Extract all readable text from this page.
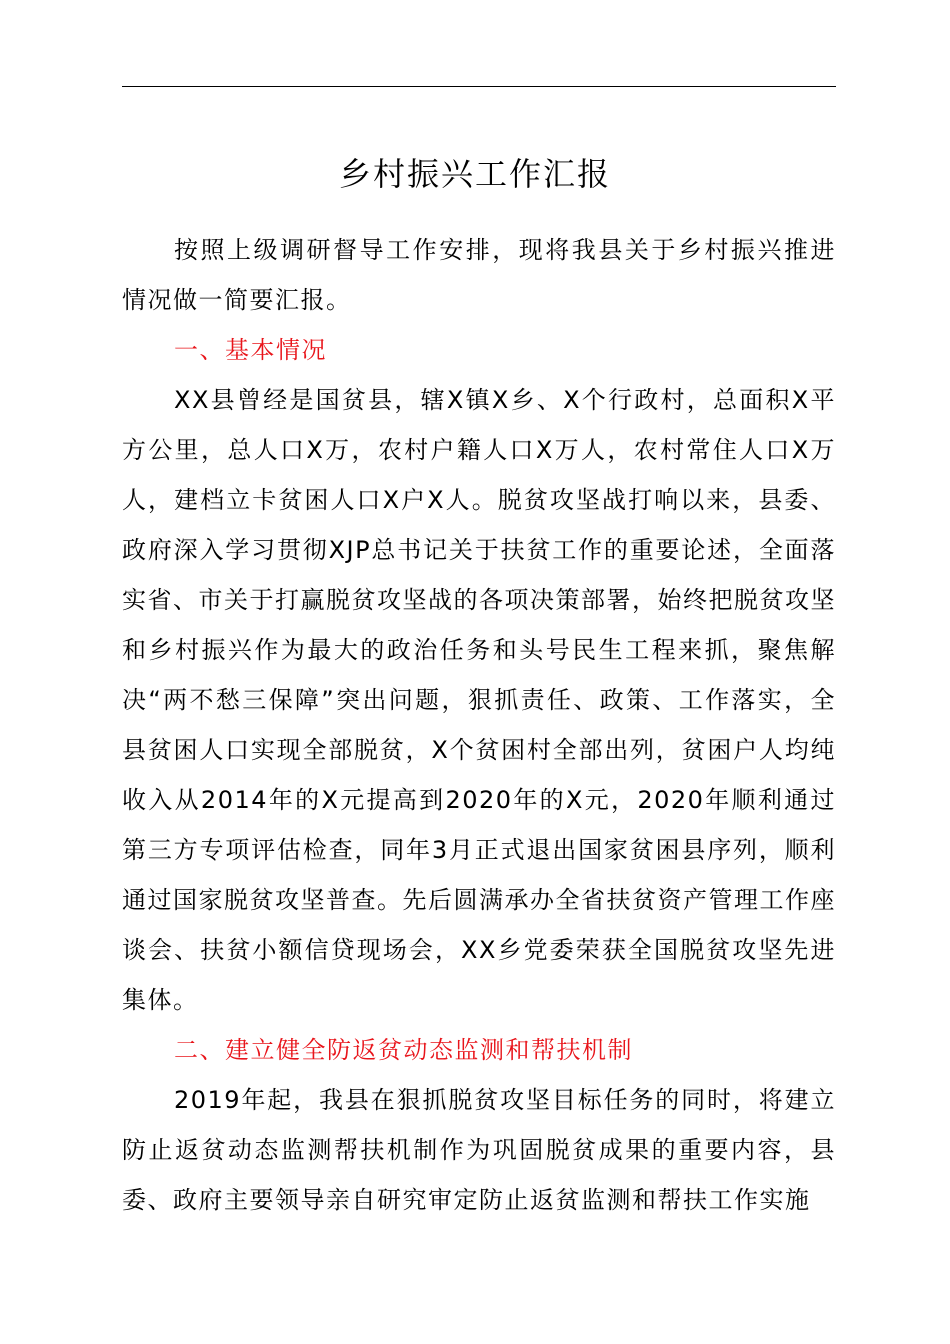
乡村振兴工作汇报

按照上级调研督导工作安排，现将我县关于乡村振兴推进情况做一简要汇报。

一、基本情况

XX县曾经是国贫县，辖X镇X乡、X个行政村，总面积X平方公里，总人口X万，农村户籍人口X万人，农村常住人口X万人，建档立卡贫困人口X户X人。脱贫攻坚战打响以来，县委、政府深入学习贯彻XJP总书记关于扶贫工作的重要论述，全面落实省、市关于打赢脱贫攻坚战的各项决策部署，始终把脱贫攻坚和乡村振兴作为最大的政治任务和头号民生工程来抓，聚焦解决“两不愁三保障”突出问题，狠抓责任、政策、工作落实，全县贫困人口实现全部脱贫，X个贫困村全部出列，贫困户人均纯收入从2014年的X元提高到2020年的X元，2020年顺利通过第三方专项评估检查，同年3月正式退出国家贫困县序列，顺利通过国家脱贫攻坚普查。先后圆满承办全省扶贫资产管理工作座谈会、扶贫小额信贷现场会，XX乡党委荣获全国脱贫攻坚先进集体。

二、建立健全防返贫动态监测和帮扶机制

2019年起，我县在狠抓脱贫攻坚目标任务的同时，将建立防止返贫动态监测帮扶机制作为巩固脱贫成果的重要内容，县委、政府主要领导亲自研究审定防止返贫监测和帮扶工作实施
